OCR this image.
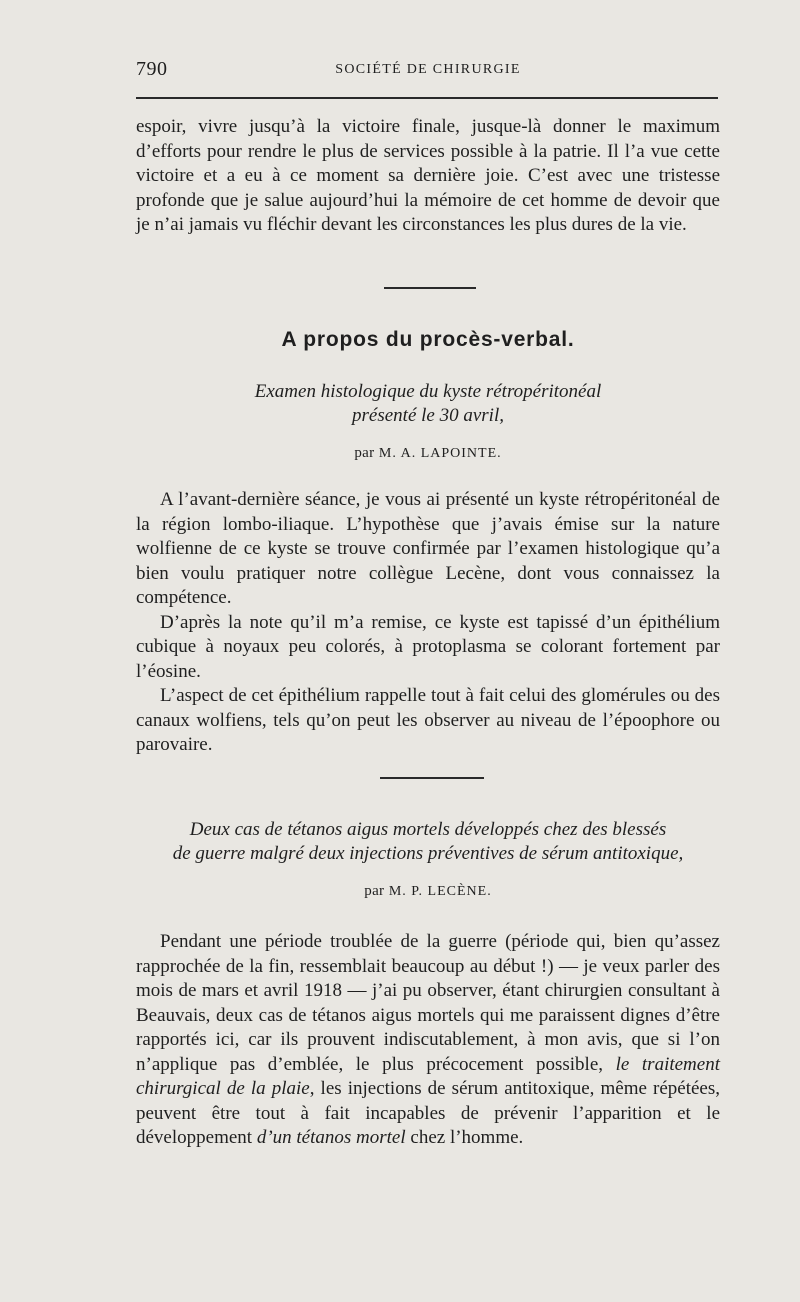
790	SOCIÉTÉ DE CHIRURGIE

espoir, vivre jusqu’à la victoire finale, jusque-là donner le maximum d’efforts pour rendre le plus de services possible à la patrie. Il l’a vue cette victoire et a eu à ce moment sa dernière joie. C’est avec une tristesse profonde que je salue aujourd’hui la mémoire de cet homme de devoir que je n’ai jamais vu fléchir devant les circonstances les plus dures de la vie.

A propos du procès-verbal.
Examen histologique du kyste rétropéritonéal
présenté le 30 avril,
par M. A. LAPOINTE.

A l’avant-dernière séance, je vous ai présenté un kyste rétropéritonéal de la région lombo-iliaque. L’hypothèse que j’avais émise sur la nature wolfienne de ce kyste se trouve confirmée par l’examen histologique qu’a bien voulu pratiquer notre collègue Lecène, dont vous connaissez la compétence.

D’après la note qu’il m’a remise, ce kyste est tapissé d’un épithélium cubique à noyaux peu colorés, à protoplasma se colorant fortement par l’éosine.

L’aspect de cet épithélium rappelle tout à fait celui des glomérules ou des canaux wolfiens, tels qu’on peut les observer au niveau de l’époophore ou parovaire.

Deux cas de tétanos aigus mortels développés chez des blessés
de guerre malgré deux injections préventives de sérum antitoxique,
par M. P. LECÈNE.

Pendant une période troublée de la guerre (période qui, bien qu’assez rapprochée de la fin, ressemblait beaucoup au début !) — je veux parler des mois de mars et avril 1918 — j’ai pu observer, étant chirurgien consultant à Beauvais, deux cas de tétanos aigus mortels qui me paraissent dignes d’être rapportés ici, car ils prouvent indiscutablement, à mon avis, que si l’on n’applique pas d’emblée, le plus précocement possible, le traitement chirurgical de la plaie, les injections de sérum antitoxique, même répétées, peuvent être tout à fait incapables de prévenir l’apparition et le développement d’un tétanos mortel chez l’homme.
